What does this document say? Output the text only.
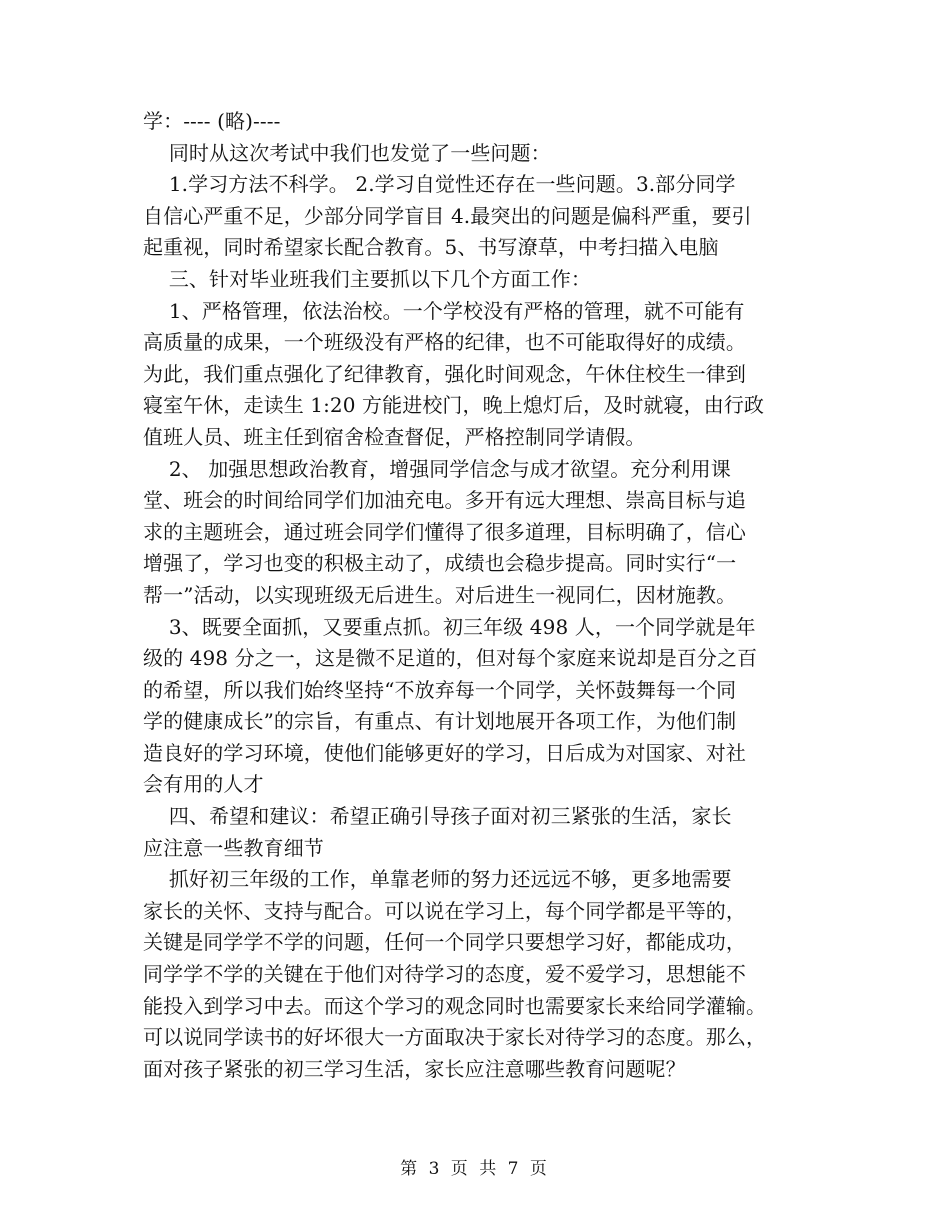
学：---- (略)----
同时从这次考试中我们也发觉了一些问题：
1.学习方法不科学。 2.学习自觉性还存在一些问题。3.部分同学
自信心严重不足，少部分同学盲目 4.最突出的问题是偏科严重，要引
起重视，同时希望家长配合教育。5、书写潦草，中考扫描入电脑
三、针对毕业班我们主要抓以下几个方面工作：
1、严格管理，依法治校。一个学校没有严格的管理，就不可能有
高质量的成果，一个班级没有严格的纪律，也不可能取得好的成绩。
为此，我们重点强化了纪律教育，强化时间观念，午休住校生一律到
寝室午休，走读生 1:20 方能进校门，晚上熄灯后，及时就寝，由行政
值班人员、班主任到宿舍检查督促，严格控制同学请假。
2、 加强思想政治教育，增强同学信念与成才欲望。充分利用课
堂、班会的时间给同学们加油充电。多开有远大理想、崇高目标与追
求的主题班会，通过班会同学们懂得了很多道理，目标明确了，信心
增强了，学习也变的积极主动了，成绩也会稳步提高。同时实行“一
帮一”活动，以实现班级无后进生。对后进生一视同仁，因材施教。
3、既要全面抓，又要重点抓。初三年级 498 人，一个同学就是年
级的 498 分之一，这是微不足道的，但对每个家庭来说却是百分之百
的希望，所以我们始终坚持“不放弃每一个同学，关怀鼓舞每一个同
学的健康成长”的宗旨，有重点、有计划地展开各项工作，为他们制
造良好的学习环境，使他们能够更好的学习，日后成为对国家、对社
会有用的人才
四、希望和建议：希望正确引导孩子面对初三紧张的生活，家长
应注意一些教育细节
抓好初三年级的工作，单靠老师的努力还远远不够，更多地需要
家长的关怀、支持与配合。可以说在学习上，每个同学都是平等的，
关键是同学学不学的问题，任何一个同学只要想学习好，都能成功，
同学学不学的关键在于他们对待学习的态度，爱不爱学习，思想能不
能投入到学习中去。而这个学习的观念同时也需要家长来给同学灌输。
可以说同学读书的好坏很大一方面取决于家长对待学习的态度。那么，
面对孩子紧张的初三学习生活，家长应注意哪些教育问题呢？
第 3 页 共 7 页
